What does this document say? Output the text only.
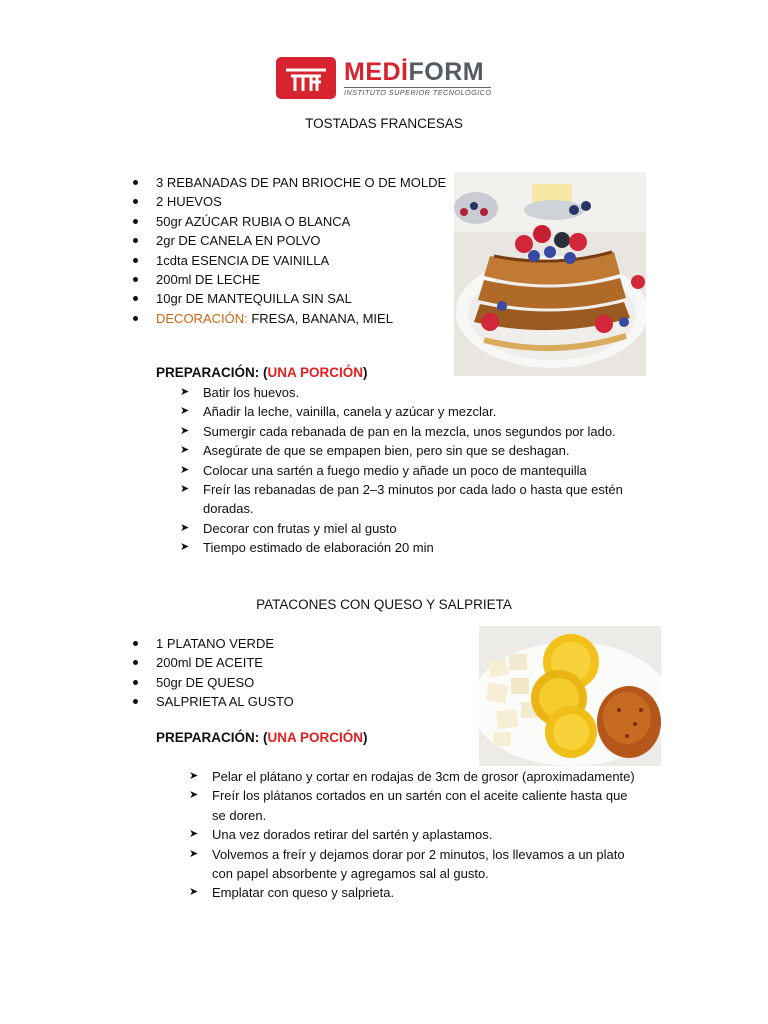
MEDİ FORM
INSTITUTO SUPERIOR TECNOLÓGICO
TOSTADAS FRANCESAS
3 REBANADAS DE PAN BRIOCHE O DE MOLDE
2 HUEVOS
50gr AZÚCAR RUBIA O BLANCA
2gr DE CANELA EN POLVO
1cdta ESENCIA DE VAINILLA
200ml DE LECHE
10gr DE MANTEQUILLA SIN SAL
DECORACIÓN: FRESA, BANANA, MIEL
PREPARACIÓN: (UNA PORCIÓN)
➤ Batir los huevos.
➤ Añadir la leche, vainilla, canela y azúcar y mezclar.
➤ Sumergir cada rebanada de pan en la mezcla, unos segundos por lado.
➤ Asegúrate de que se empapen bien, pero sin que se deshagan.
➤ Colocar una sartén a fuego medio y añade un poco de mantequilla
➤ Freír las rebanadas de pan 2–3 minutos por cada lado o hasta que estén doradas.
➤ Decorar con frutas y miel al gusto
➤ Tiempo estimado de elaboración 20 min
PATACONES CON QUESO Y SALPRIETA
1 PLATANO VERDE
200ml DE ACEITE
50gr DE QUESO
SALPRIETA AL GUSTO
PREPARACIÓN: (UNA PORCIÓN)
➤ Pelar el plátano y cortar en rodajas de 3cm de grosor (aproximadamente)
➤ Freír los plátanos cortados en un sartén con el aceite caliente hasta que se doren.
➤ Una vez dorados retirar del sartén y aplastamos.
➤ Volvemos a freír y dejamos dorar por 2 minutos, los llevamos a un plato con papel absorbente y agregamos sal al gusto.
➤ Emplatar con queso y salprieta.
